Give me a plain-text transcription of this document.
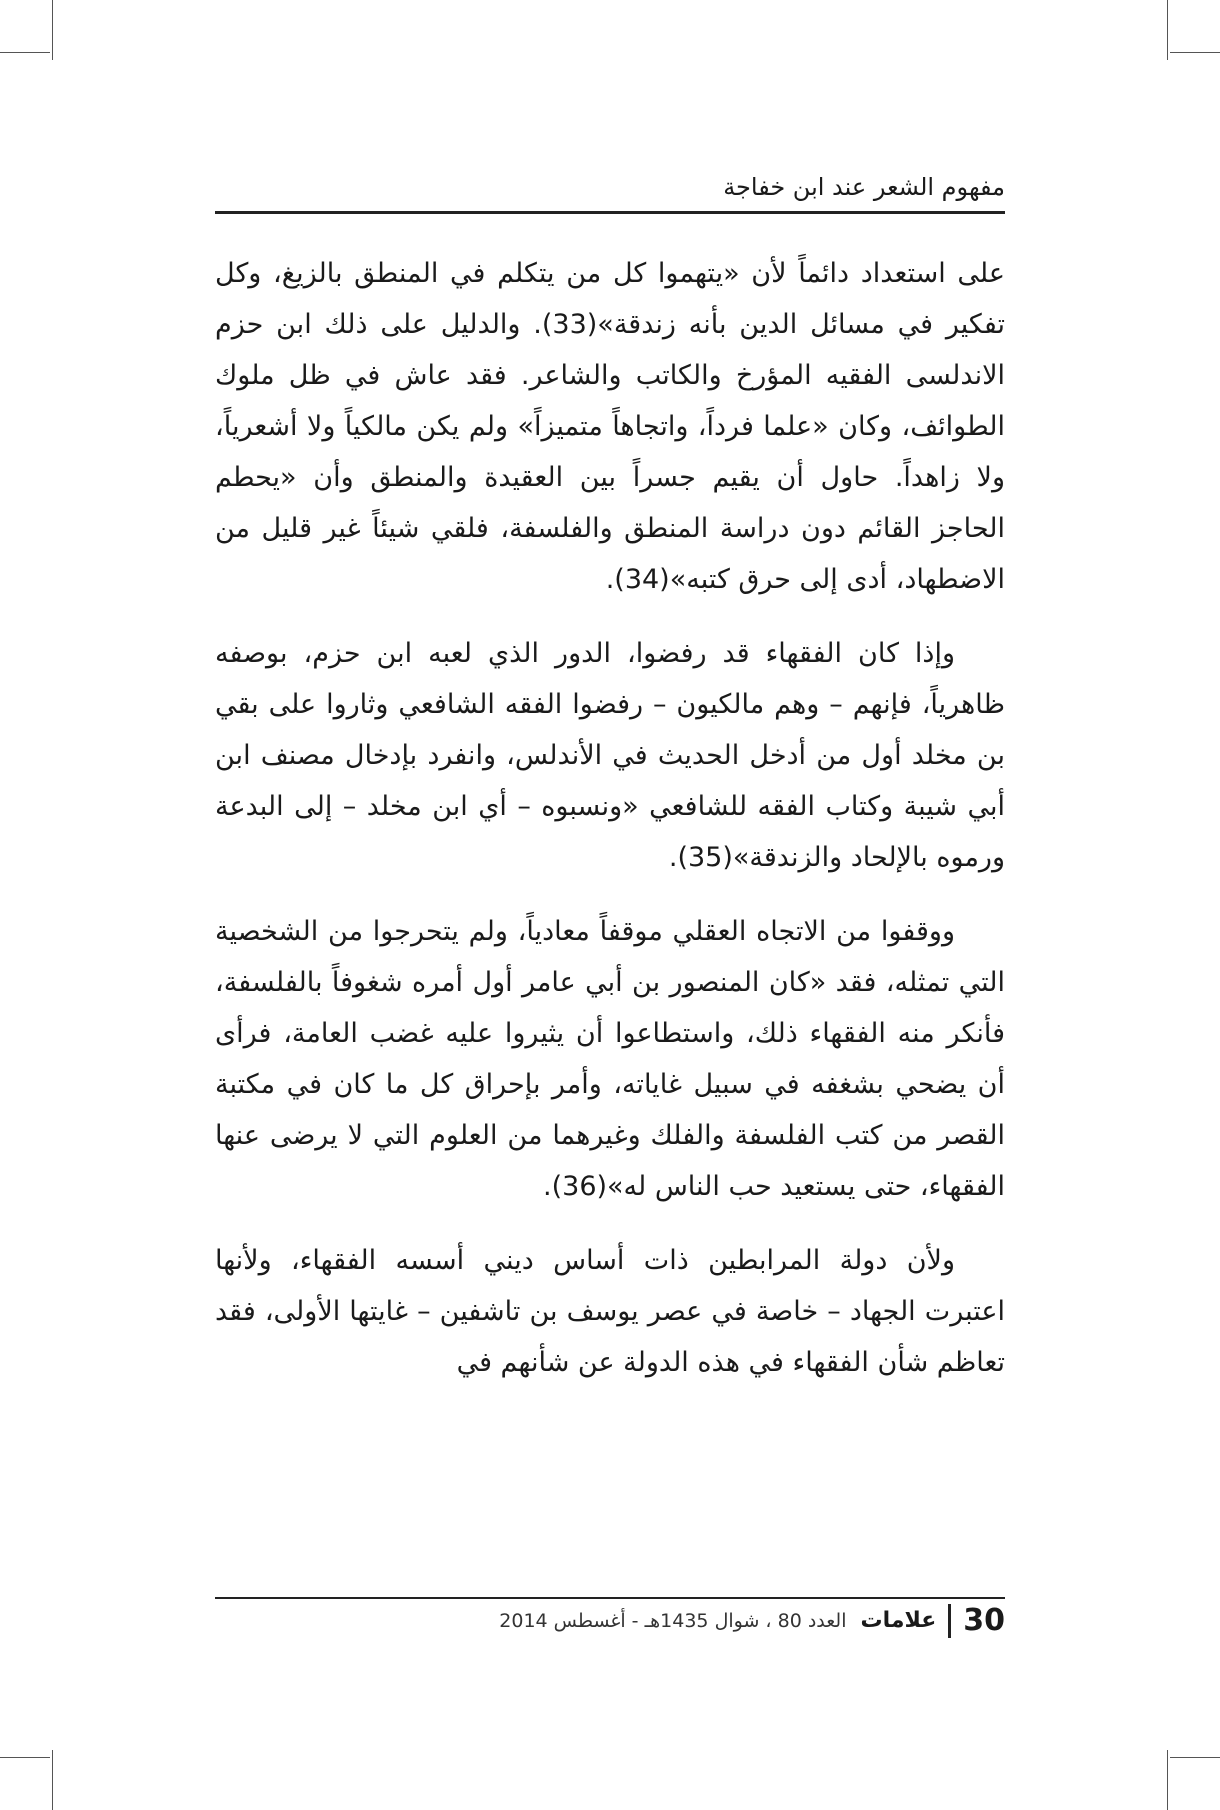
مفهوم الشعر عند ابن خفاجة

على استعداد دائماً لأن «يتهموا كل من يتكلم في المنطق بالزيغ، وكل تفكير في مسائل الدين بأنه زندقة»(33). والدليل على ذلك ابن حزم الاندلسى الفقيه المؤرخ والكاتب والشاعر. فقد عاش في ظل ملوك الطوائف، وكان «علما فرداً، واتجاهاً متميزاً» ولم يكن مالكياً ولا أشعرياً، ولا زاهداً. حاول أن يقيم جسراً بين العقيدة والمنطق وأن «يحطم الحاجز القائم دون دراسة المنطق والفلسفة، فلقي شيئاً غير قليل من الاضطهاد، أدى إلى حرق كتبه»(34).

وإذا كان الفقهاء قد رفضوا، الدور الذي لعبه ابن حزم، بوصفه ظاهرياً، فإنهم – وهم مالكيون – رفضوا الفقه الشافعي وثاروا على بقي بن مخلد أول من أدخل الحديث في الأندلس، وانفرد بإدخال مصنف ابن أبي شيبة وكتاب الفقه للشافعي «ونسبوه – أي ابن مخلد – إلى البدعة ورموه بالإلحاد والزندقة»(35).

ووقفوا من الاتجاه العقلي موقفاً معادياً، ولم يتحرجوا من الشخصية التي تمثله، فقد «كان المنصور بن أبي عامر أول أمره شغوفاً بالفلسفة، فأنكر منه الفقهاء ذلك، واستطاعوا أن يثيروا عليه غضب العامة، فرأى أن يضحي بشغفه في سبيل غاياته، وأمر بإحراق كل ما كان في مكتبة القصر من كتب الفلسفة والفلك وغيرهما من العلوم التي لا يرضى عنها الفقهاء، حتى يستعيد حب الناس له»(36).

ولأن دولة المرابطين ذات أساس ديني أسسه الفقهاء، ولأنها اعتبرت الجهاد – خاصة في عصر يوسف بن تاشفين – غايتها الأولى، فقد تعاظم شأن الفقهاء في هذه الدولة عن شأنهم في

30
علامات
العدد 80 ، شوال 1435هـ - أغسطس 2014
